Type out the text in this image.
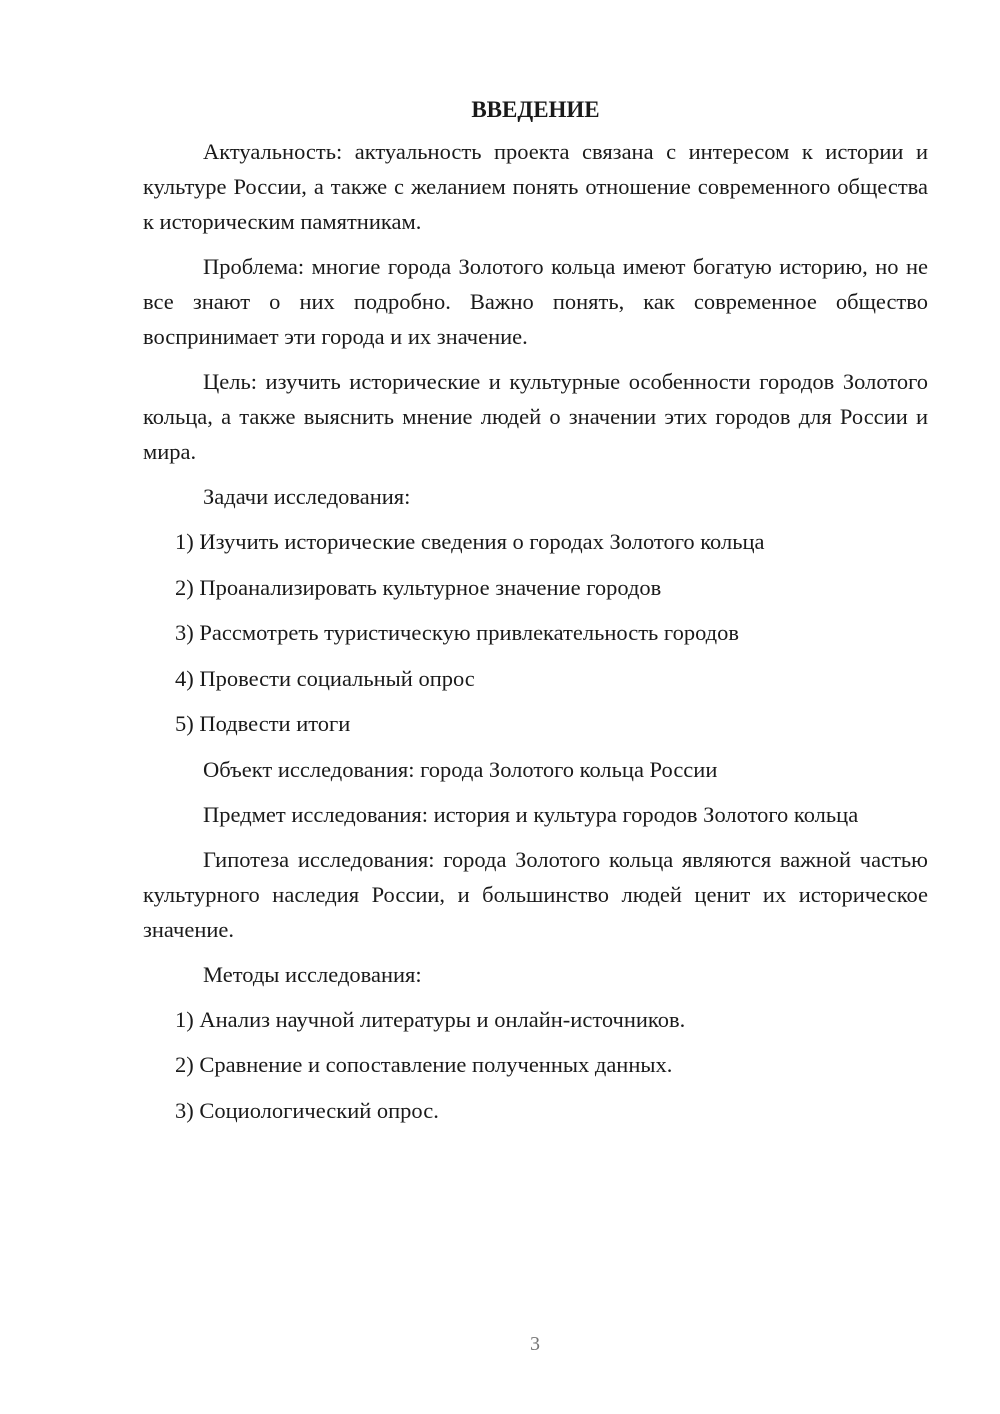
ВВЕДЕНИЕ

Актуальность: актуальность проекта связана с интересом к истории и культуре России, а также с желанием понять отношение современного общества к историческим памятникам.

Проблема: многие города Золотого кольца имеют богатую историю, но не все знают о них подробно. Важно понять, как современное общество воспринимает эти города и их значение.

Цель: изучить исторические и культурные особенности городов Золотого кольца, а также выяснить мнение людей о значении этих городов для России и мира.

Задачи исследования:
1) Изучить исторические сведения о городах Золотого кольца
2) Проанализировать культурное значение городов
3) Рассмотреть туристическую привлекательность городов
4) Провести социальный опрос
5) Подвести итоги
Объект исследования: города Золотого кольца России

Предмет исследования: история и культура городов Золотого кольца

Гипотеза исследования: города Золотого кольца являются важной частью культурного наследия России, и большинство людей ценит их историческое значение.

Методы исследования:
1) Анализ научной литературы и онлайн-источников.
2) Сравнение и сопоставление полученных данных.
3) Социологический опрос.
3
